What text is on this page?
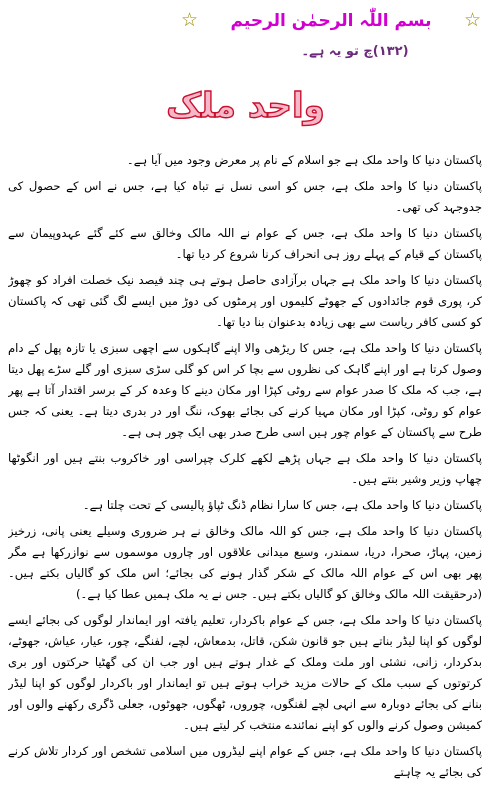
☆
بسم اللّٰہ الرحمٰن الرحیم
☆
(۱۳۲)چ تو یہ ہے۔
واحد ملک

پاکستان دنیا کا واحد ملک ہے جو اسلام کے نام پر معرض وجود میں آیا ہے۔

پاکستان دنیا کا واحد ملک ہے، جس کو اسی نسل نے تباہ کیا ہے، جس نے اس کے حصول کی جدوجہد کی تھی۔

پاکستان دنیا کا واحد ملک ہے، جس کے عوام نے اللہ مالک وخالق سے کئے گئے عہدوپیمان سے پاکستان کے قیام کے پہلے روز ہی انحراف کرنا شروع کر دیا تھا۔

پاکستان دنیا کا واحد ملک ہے جہاں برآزادی حاصل ہوتے ہی چند فیصد نیک خصلت افراد کو چھوڑ کر، پوری قوم جائدادوں کے جھوٹے کلیموں اور پرمٹوں کی دوڑ میں ایسے لگ گئی تھی کہ پاکستان کو کسی کافر ریاست سے بھی زیادہ بدعنوان بنا دیا تھا۔

پاکستان دنیا کا واحد ملک ہے، جس کا ریڑھی والا اپنے گاہکوں سے اچھی سبزی یا تازہ پھل کے دام وصول کرتا ہے اور اپنے گاہک کی نظروں سے بچا کر اس کو گلی سڑی سبزی اور گلے سڑے پھل دیتا ہے، جب کہ ملک کا صدر عوام سے روٹی کپڑا اور مکان دینے کا وعدہ کر کے برسر اقتدار آتا ہے پھر عوام کو روٹی، کپڑا اور مکان مہیا کرنے کی بجائے بھوک، ننگ اور در بدری دیتا ہے۔ یعنی کہ جس طرح سے پاکستان کے عوام چور ہیں اسی طرح صدر بھی ایک چور ہی ہے۔

پاکستان دنیا کا واحد ملک ہے جہاں پڑھے لکھے کلرک چپراسی اور خاکروب بنتے ہیں اور انگوٹھا چھاپ وزیر وشیر بنتے ہیں۔

پاکستان دنیا کا واحد ملک ہے، جس کا سارا نظام ڈنگ ٹپاؤ پالیسی کے تحت چلتا ہے۔

پاکستان دنیا کا واحد ملک ہے، جس کو اللہ مالک وخالق نے ہر ضروری وسیلے یعنی پانی، زرخیز زمین، پہاڑ، صحرا، دریا، سمندر، وسیع میدانی علاقوں اور چاروں موسموں سے نوازرکھا ہے مگر پھر بھی اس کے عوام اللہ مالک کے شکر گذار ہونے کی بجائے؛ اس ملک کو گالیاں بکتے ہیں۔ (درحقیقت اللہ مالک وخالق کو گالیاں بکتے ہیں۔ جس نے یہ ملک ہمیں عطا کیا ہے۔)

پاکستان دنیا کا واحد ملک ہے، جس کے عوام باکردار، تعلیم یافتہ اور ایماندار لوگوں کی بجائے ایسے لوگوں کو اپنا لیڈر بناتے ہیں جو قانون شکن، قاتل، بدمعاش، لچے، لفنگے، چور، عیار، عیاش، جھوٹے، بدکردار، زانی، نشئی اور ملت وملک کے غدار ہوتے ہیں اور جب ان کی گھٹیا حرکتوں اور بری کرتوتوں کے سبب ملک کے حالات مزید خراب ہوتے ہیں تو ایماندار اور باکردار لوگوں کو اپنا لیڈر بنانے کی بجائے دوبارہ سے انہی لچے لفنگوں، چوروں، ٹھگوں، جھوٹوں، جعلی ڈگری رکھنے والوں اور کمیشن وصول کرنے والوں کو اپنے نمائندے منتخب کر لیتے ہیں۔

پاکستان دنیا کا واحد ملک ہے، جس کے عوام اپنے لیڈروں میں اسلامی تشخص اور کردار تلاش کرنے کی بجائے یہ چاہتے
